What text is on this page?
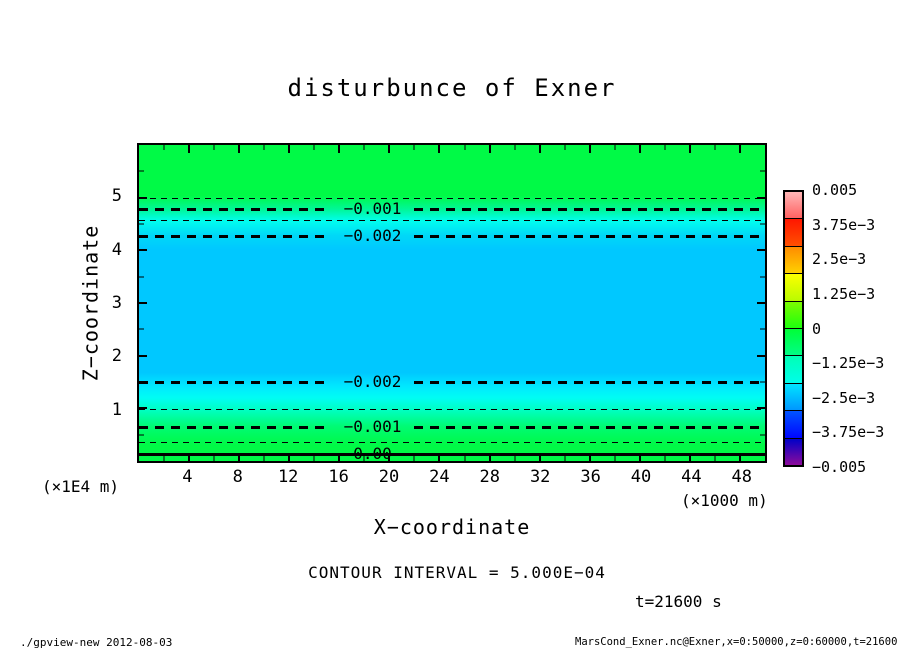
disturbunce of Exner
Z−coordinate
1
2
3
4
5
−0.001
−0.002
−0.002
−0.001
0.00
4 8 12 16 20 24 28 32 36 40 44 48
(×1E4 m)
(×1000 m)
X−coordinate
CONTOUR INTERVAL = 5.000E−04
t=21600 s
0.005
3.75e−3
2.5e−3
1.25e−3
0
−1.25e−3
−2.5e−3
−3.75e−3
−0.005
./gpview-new 2012-08-03	MarsCond_Exner.nc@Exner,x=0:50000,z=0:60000,t=21600
